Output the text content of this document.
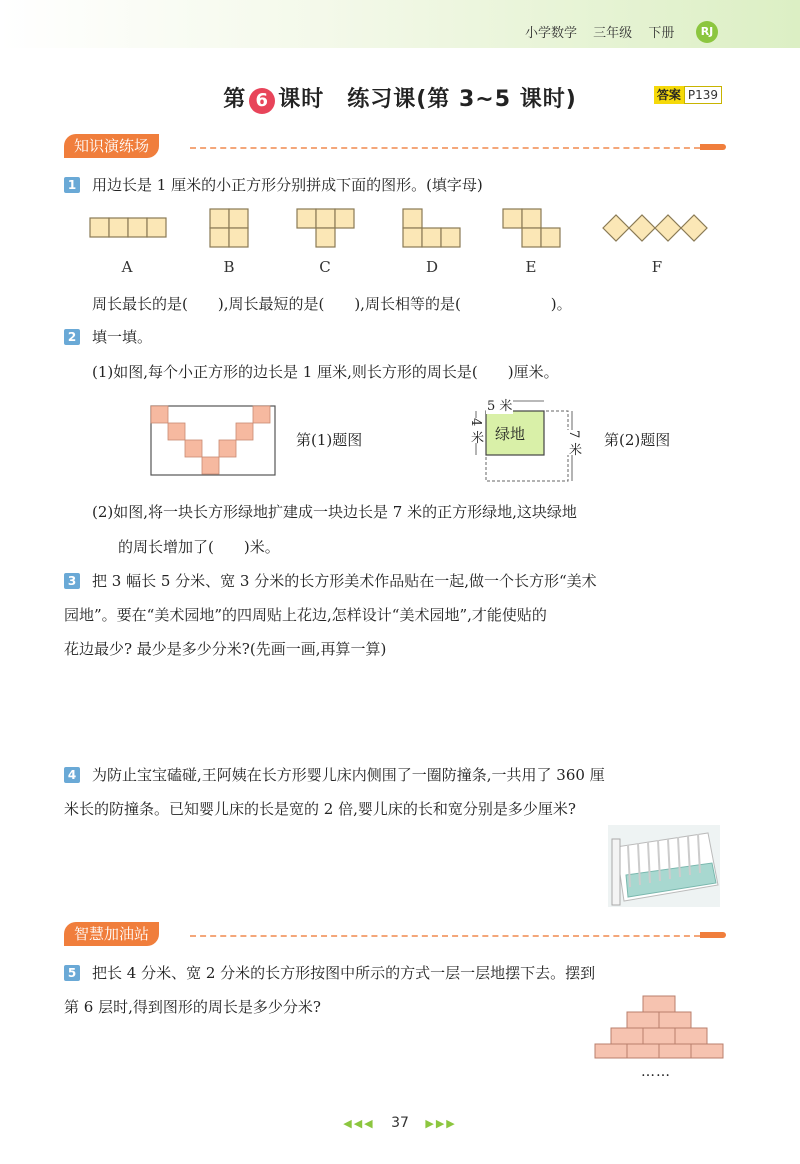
小学数学 三年级 下册	RJ
第 6 课时　练习课(第 3~5 课时)	答案 P139
知识演练场
1 用边长是 1 厘米的小正方形分别拼成下面的图形。(填字母)
A	B	C	D	E	F
周长最长的是(　　),周长最短的是(　　),周长相等的是(　　　　　　)。
2 填一填。
(1)如图,每个小正方形的边长是 1 厘米,则长方形的周长是(　　)厘米。
第(1)题图
5 米
4 米	7 米
绿地	第(2)题图
(2)如图,将一块长方形绿地扩建成一块边长是 7 米的正方形绿地,这块绿地
的周长增加了(　　)米。
3 把 3 幅长 5 分米、宽 3 分米的长方形美术作品贴在一起,做一个长方形“美术
园地”。要在“美术园地”的四周贴上花边,怎样设计“美术园地”,才能使贴的
花边最少? 最少是多少分米?(先画一画,再算一算)
4 为防止宝宝磕碰,王阿姨在长方形婴儿床内侧围了一圈防撞条,一共用了 360 厘
米长的防撞条。已知婴儿床的长是宽的 2 倍,婴儿床的长和宽分别是多少厘米?
智慧加油站
5 把长 4 分米、宽 2 分米的长方形按图中所示的方式一层一层地摆下去。摆到
第 6 层时,得到图形的周长是多少分米?
……
◀◀◀ 37 ▶▶▶
